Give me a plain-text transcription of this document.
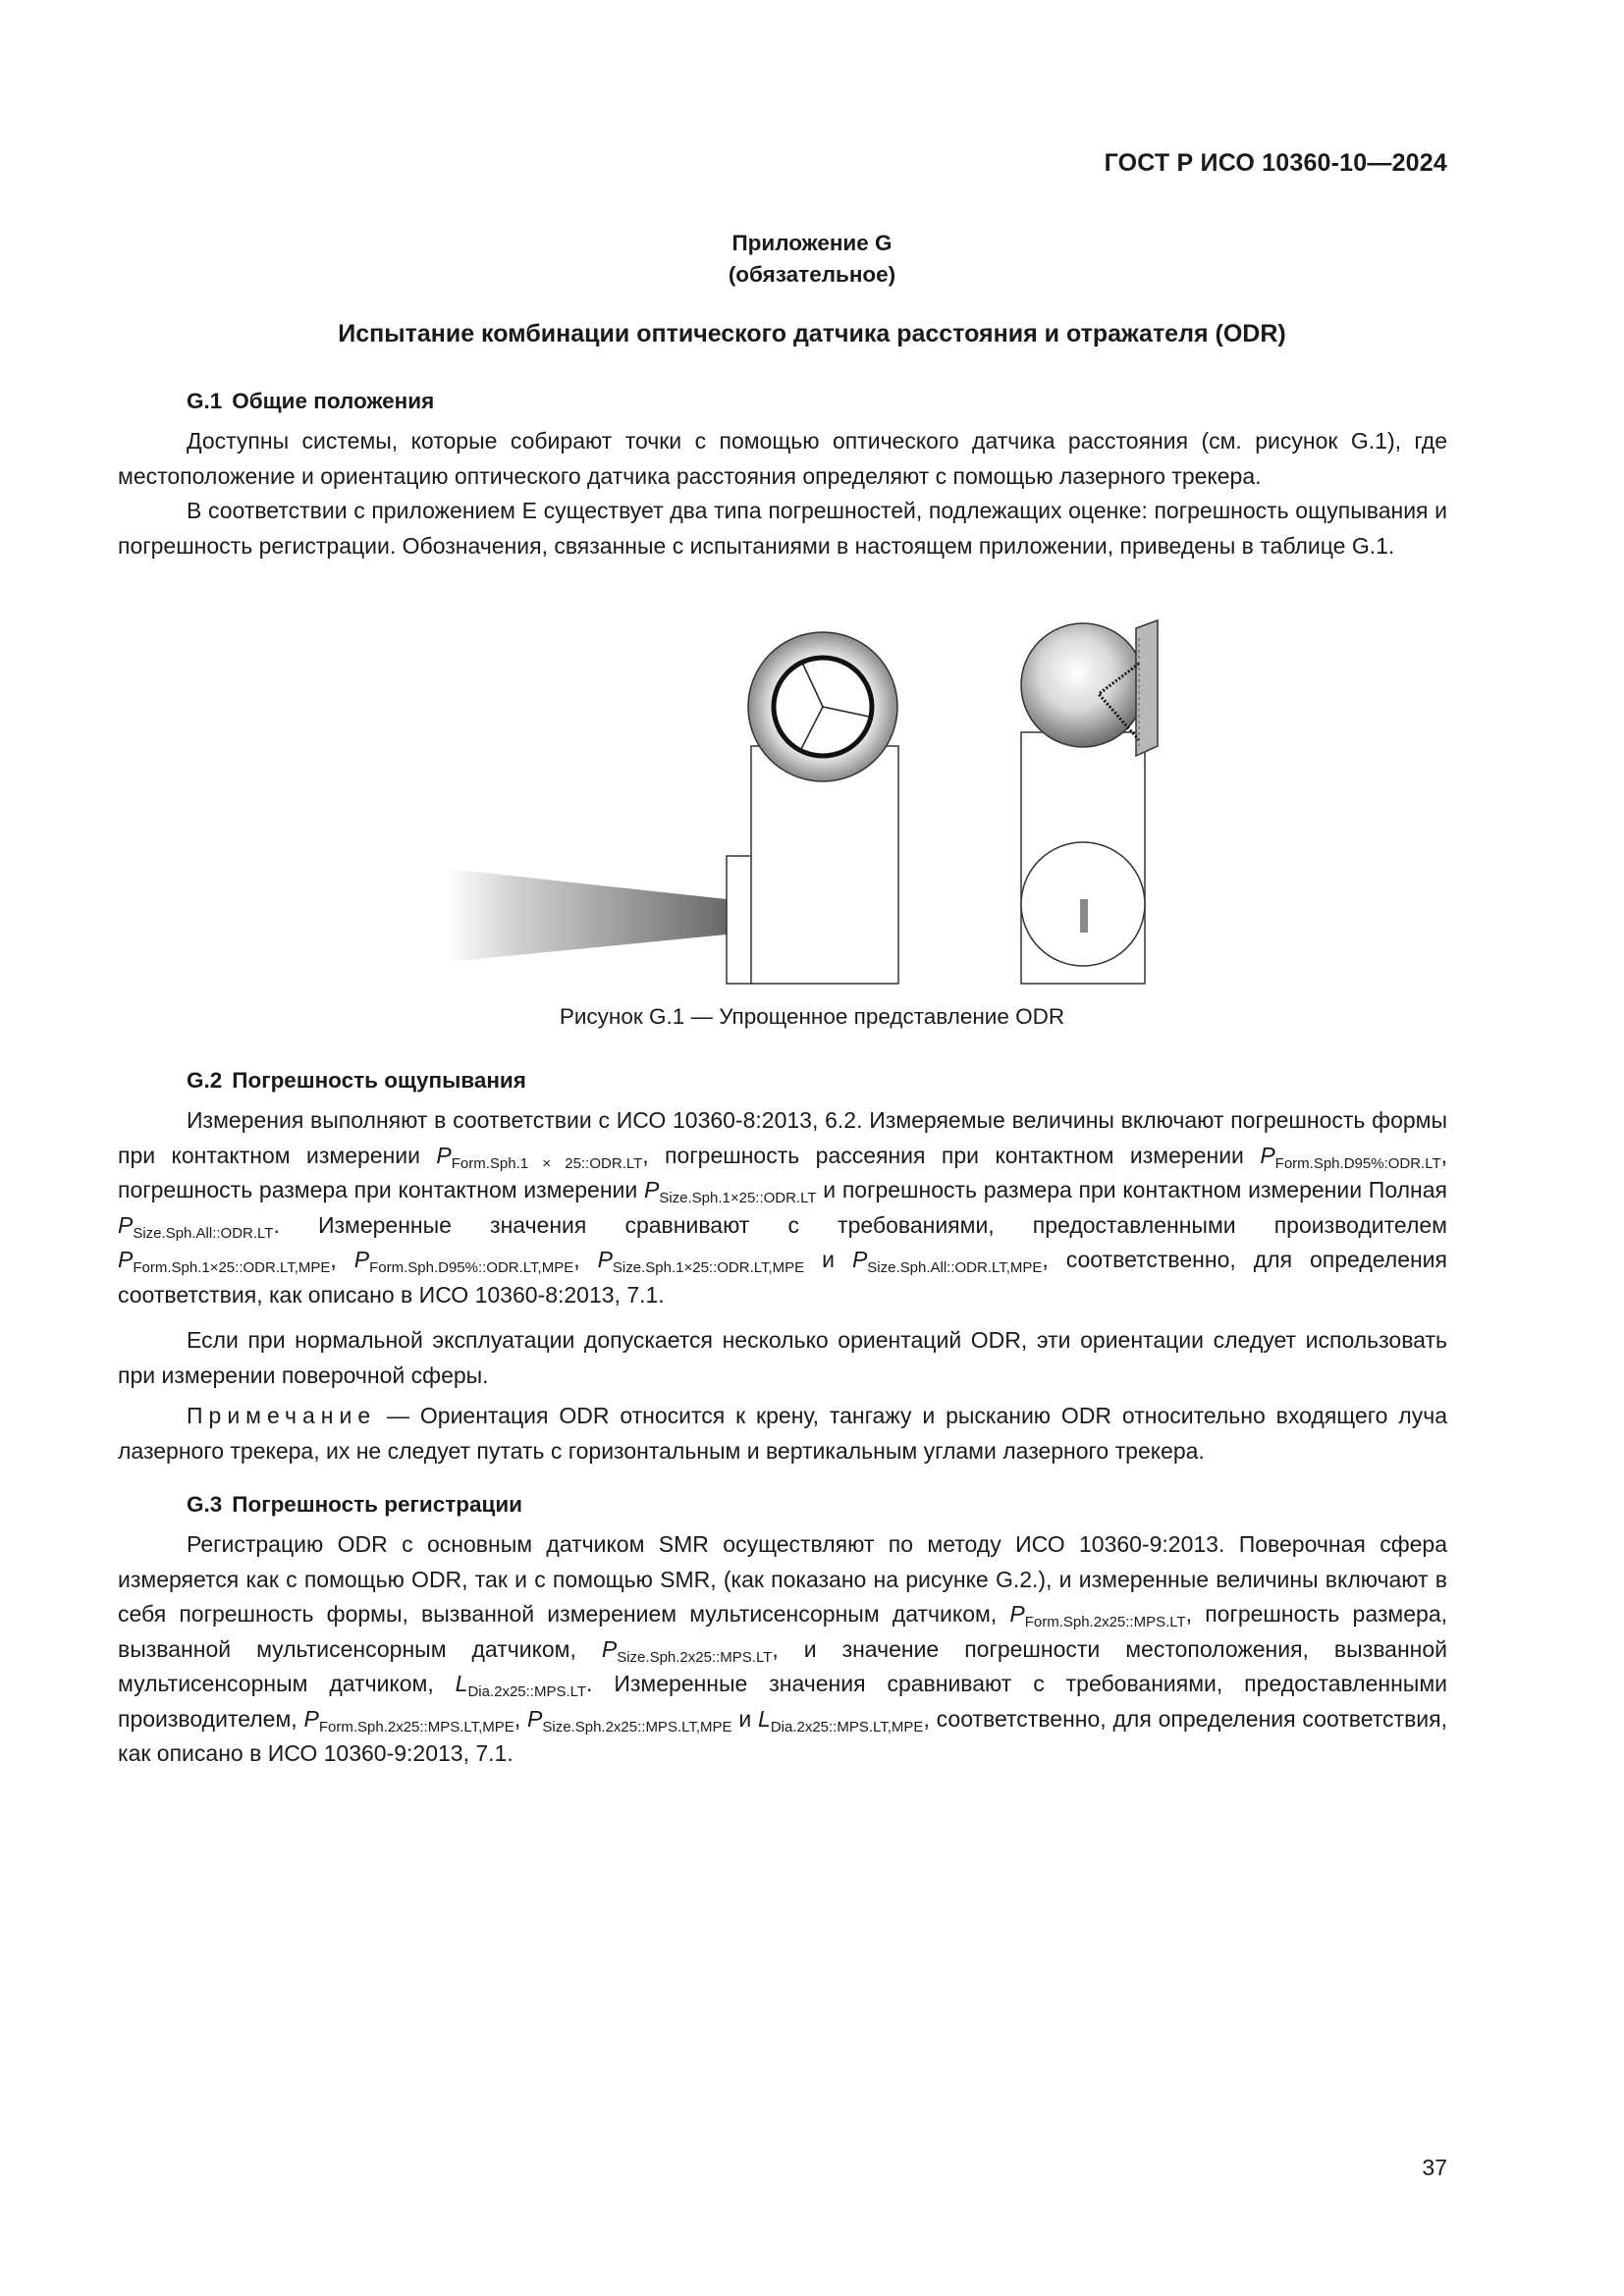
ГОСТ Р ИСО 10360-10—2024
Приложение G
(обязательное)
Испытание комбинации оптического датчика расстояния и отражателя (ODR)
G.1 Общие положения

Доступны системы, которые собирают точки с помощью оптического датчика расстояния (см. рисунок G.1), где местоположение и ориентацию оптического датчика расстояния определяют с помощью лазерного трекера.

В соответствии с приложением E существует два типа погрешностей, подлежащих оценке: погрешность ощупывания и погрешность регистрации. Обозначения, связанные с испытаниями в настоящем приложении, приведены в таблице G.1.

Рисунок G.1 — Упрощенное представление ODR
G.2 Погрешность ощупывания

Измерения выполняют в соответствии с ИСО 10360-8:2013, 6.2. Измеряемые величины включают погрешность формы при контактном измерении $P_{Form.Sph.1 \times 25::ODR.LT}$, погрешность рассеяния при контактном измерении $P_{Form.Sph.D95\%:ODR.LT}$, погрешность размера при контактном измерении $P_{Size.Sph.1\times 25::ODR.LT}$ и погрешность размера при контактном измерении Полная $P_{Size.Sph.All::ODR.LT}$. Измеренные значения сравнивают с требованиями, предоставленными производителем $P_{Form.Sph.1\times 25::ODR.LT,MPE}$, $P_{Form.Sph.D95\%::ODR.LT,MPE}$, $P_{Size.Sph.1\times 25::ODR.LT,MPE}$ и $P_{Size.Sph.All::ODR.LT,MPE}$, соответственно, для определения соответствия, как описано в ИСО 10360-8:2013, 7.1.

Если при нормальной эксплуатации допускается несколько ориентаций ODR, эти ориентации следует использовать при измерении поверочной сферы.

Примечание — Ориентация ODR относится к крену, тангажу и рысканию ODR относительно входящего луча лазерного трекера, их не следует путать с горизонтальным и вертикальным углами лазерного трекера.

G.3 Погрешность регистрации

Регистрацию ODR с основным датчиком SMR осуществляют по методу ИСО 10360-9:2013. Поверочная сфера измеряется как с помощью ODR, так и с помощью SMR, (как показано на рисунке G.2.), и измеренные величины включают в себя погрешность формы, вызванной измерением мультисенсорным датчиком, $P_{Form.Sph.2x25::MPS.LT}$, погрешность размера, вызванной мультисенсорным датчиком, $P_{Size.Sph.2x25::MPS.LT}$, и значение погрешности местоположения, вызванной мультисенсорным датчиком, $L_{Dia.2x25::MPS.LT}$. Измеренные значения сравнивают с требованиями, предоставленными производителем, $P_{Form.Sph.2x25::MPS.LT,MPE}$, $P_{Size.Sph.2x25::MPS.LT,MPE}$ и $L_{Dia.2x25::MPS.LT,MPE}$, соответственно, для определения соответствия, как описано в ИСО 10360-9:2013, 7.1.

37
